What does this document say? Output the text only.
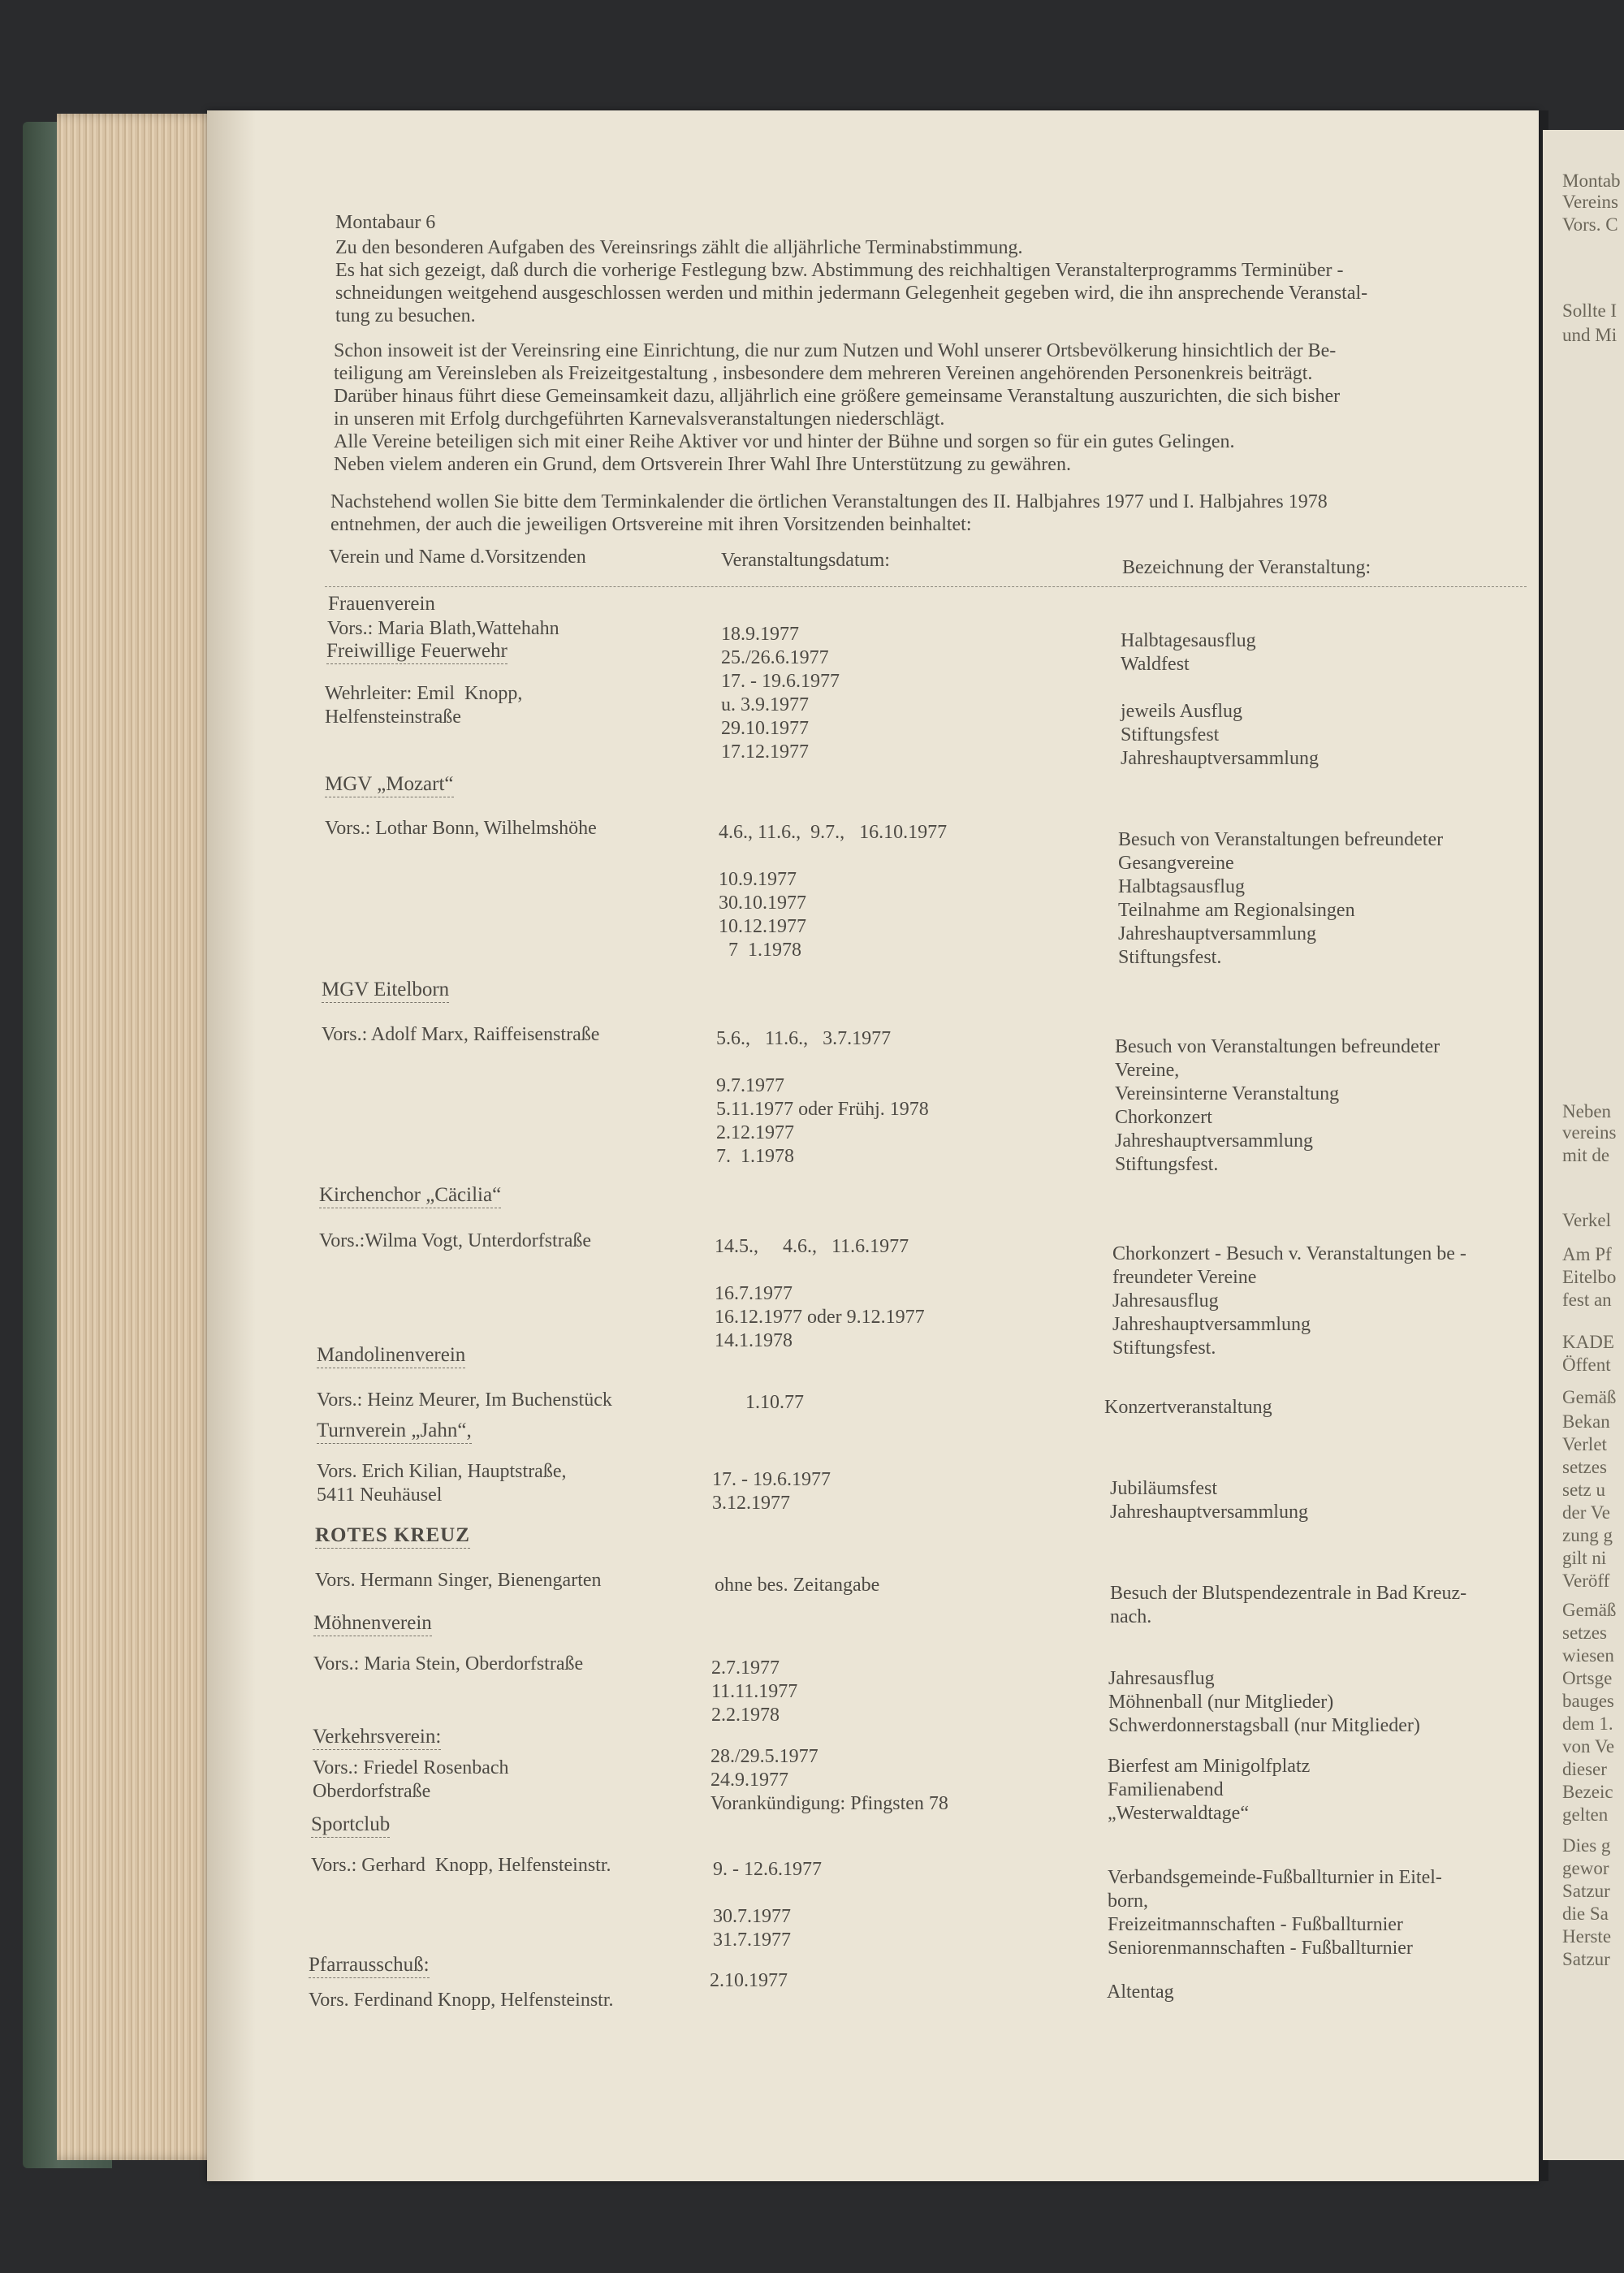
Montab
Vereins
Vors. C
Sollte I
und Mi
Neben
vereins
mit de
Verkel
Am Pf
Eitelbo
fest an
KADE
Öffent
Gemäß
Bekan
Verlet
setzes
setz u
der Ve
zung g
gilt ni
Veröff
Gemäß
setzes
wiesen
Ortsge
bauges
dem 1.
von Ve
dieser
Bezeic
gelten
Dies g
gewor
Satzur
die Sa
Herste
Satzur
Montabaur 6
Zu den besonderen Aufgaben des Vereinsrings zählt die alljährliche Terminabstimmung.
Es hat sich gezeigt, daß durch die vorherige Festlegung bzw. Abstimmung des reichhaltigen Veranstalterprogramms Terminüber -
schneidungen weitgehend ausgeschlossen werden und mithin jedermann Gelegenheit gegeben wird, die ihn ansprechende Veranstal-
tung zu besuchen.
Schon insoweit ist der Vereinsring eine Einrichtung, die nur zum Nutzen und Wohl unserer Ortsbevölkerung hinsichtlich der Be-
teiligung am Vereinsleben als Freizeitgestaltung , insbesondere dem mehreren Vereinen angehörenden Personenkreis beiträgt.
Darüber hinaus führt diese Gemeinsamkeit dazu, alljährlich eine größere gemeinsame Veranstaltung auszurichten, die sich bisher
in unseren mit Erfolg durchgeführten Karnevalsveranstaltungen niederschlägt.
Alle Vereine beteiligen sich mit einer Reihe Aktiver vor und hinter der Bühne und sorgen so für ein gutes Gelingen.
Neben vielem anderen ein Grund, dem Ortsverein Ihrer Wahl Ihre Unterstützung zu gewähren.
Nachstehend wollen Sie bitte dem Terminkalender die örtlichen Veranstaltungen des II. Halbjahres 1977 und I. Halbjahres 1978
entnehmen, der auch die jeweiligen Ortsvereine mit ihren Vorsitzenden beinhaltet:
Verein und Name d.Vorsitzenden	Veranstaltungsdatum:	Bezeichnung der Veranstaltung:
Frauenverein
Freiwillige Feuerwehr
MGV „Mozart“
MGV Eitelborn
Kirchenchor „Cäcilia“
Mandolinenverein
Turnverein „Jahn“,
ROTES KREUZ
Möhnenverein
Verkehrsverein:
Sportclub
Pfarrausschuß:
Vors.: Maria Blath,Wattehahn
Wehrleiter: Emil  Knopp,
Helfensteinstraße
Vors.: Lothar Bonn, Wilhelmshöhe
Vors.: Adolf Marx, Raiffeisenstraße
Vors.:Wilma Vogt, Unterdorfstraße
Vors.: Heinz Meurer, Im Buchenstück
Vors. Erich Kilian, Hauptstraße,
5411 Neuhäusel
Vors. Hermann Singer, Bienengarten
Vors.: Maria Stein, Oberdorfstraße
Vors.: Friedel Rosenbach
Oberdorfstraße
Vors.: Gerhard  Knopp, Helfensteinstr.
Vors. Ferdinand Knopp, Helfensteinstr.
18.9.1977
25./26.6.1977
17. - 19.6.1977
u. 3.9.1977
29.10.1977
17.12.1977
4.6., 11.6.,  9.7.,   16.10.1977

10.9.1977
30.10.1977
10.12.1977
7  1.1978
5.6.,   11.6.,   3.7.1977

9.7.1977
5.11.1977 oder Frühj. 1978
2.12.1977
7.  1.1978
14.5.,     4.6.,   11.6.1977

16.7.1977
16.12.1977 oder 9.12.1977
14.1.1978
1.10.77
17. - 19.6.1977
3.12.1977
ohne bes. Zeitangabe
2.7.1977
11.11.1977
2.2.1978
28./29.5.1977
24.9.1977
Vorankündigung: Pfingsten 78
9. - 12.6.1977

30.7.1977
31.7.1977
2.10.1977
Halbtagesausflug
Waldfest

jeweils Ausflug
Stiftungsfest
Jahreshauptversammlung
Besuch von Veranstaltungen befreundeter
Gesangvereine
Halbtagsausflug
Teilnahme am Regionalsingen
Jahreshauptversammlung
Stiftungsfest.
Besuch von Veranstaltungen befreundeter
Vereine,
Vereinsinterne Veranstaltung
Chorkonzert
Jahreshauptversammlung
Stiftungsfest.
Chorkonzert - Besuch v. Veranstaltungen be -
freundeter Vereine
Jahresausflug
Jahreshauptversammlung
Stiftungsfest.
Konzertveranstaltung
Jubiläumsfest
Jahreshauptversammlung
Besuch der Blutspendezentrale in Bad Kreuz-
nach.
Jahresausflug
Möhnenball (nur Mitglieder)
Schwerdonnerstagsball (nur Mitglieder)
Bierfest am Minigolfplatz
Familienabend
„Westerwaldtage“
Verbandsgemeinde-Fußballturnier in Eitel-
born,
Freizeitmannschaften - Fußballturnier
Seniorenmannschaften - Fußballturnier
Altentag
